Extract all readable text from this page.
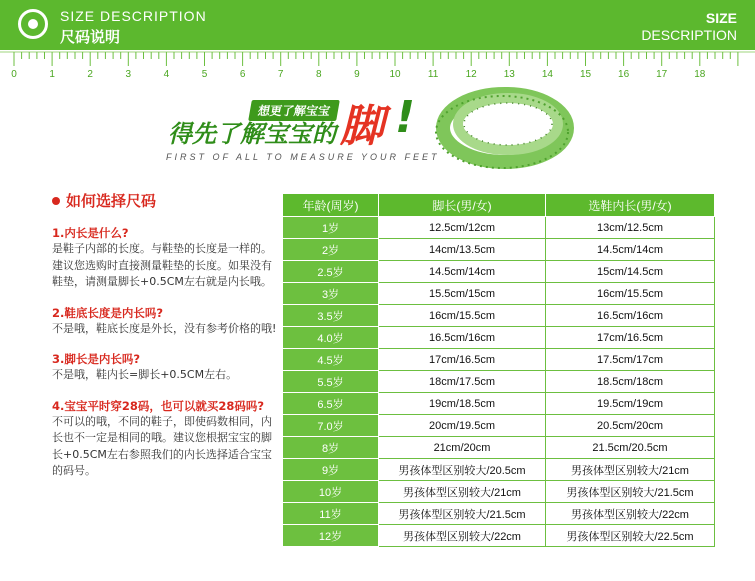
SIZE DESCRIPTION
尺码说明
SIZE
DESCRIPTION
0	1	2	3	4	5	6	7	8	9	10	11	12	13	14	15	16	17	18
想更了解宝宝
得先了解宝宝的 脚 !
FIRST OF ALL TO MEASURE YOUR FEET
如何选择尺码
1.内长是什么?
是鞋子内部的长度。与鞋垫的长度是一样的。建议您选购时直接测量鞋垫的长度。如果没有鞋垫，请测量脚长+0.5CM左右就是内长哦。
2.鞋底长度是内长吗?
不是哦，鞋底长度是外长，没有参考价格的哦!
3.脚长是内长吗?
不是哦，鞋内长=脚长+0.5CM左右。
4.宝宝平时穿28码，也可以就买28码吗?
不可以的哦，不同的鞋子，即使码数相同，内长也不一定是相同的哦。建议您根据宝宝的脚长+0.5CM左右参照我们的内长选择适合宝宝的码号。
年龄(周岁)	脚长(男/女)	选鞋内长(男/女)
1岁	12.5cm/12cm	13cm/12.5cm
2岁	14cm/13.5cm	14.5cm/14cm
2.5岁	14.5cm/14cm	15cm/14.5cm
3岁	15.5cm/15cm	16cm/15.5cm
3.5岁	16cm/15.5cm	16.5cm/16cm
4.0岁	16.5cm/16cm	17cm/16.5cm
4.5岁	17cm/16.5cm	17.5cm/17cm
5.5岁	18cm/17.5cm	18.5cm/18cm
6.5岁	19cm/18.5cm	19.5cm/19cm
7.0岁	20cm/19.5cm	20.5cm/20cm
8岁	21cm/20cm	21.5cm/20.5cm
9岁	男孩体型区别较大/20.5cm	男孩体型区别较大/21cm
10岁	男孩体型区别较大/21cm	男孩体型区别较大/21.5cm
11岁	男孩体型区别较大/21.5cm	男孩体型区别较大/22cm
12岁	男孩体型区别较大/22cm	男孩体型区别较大/22.5cm
